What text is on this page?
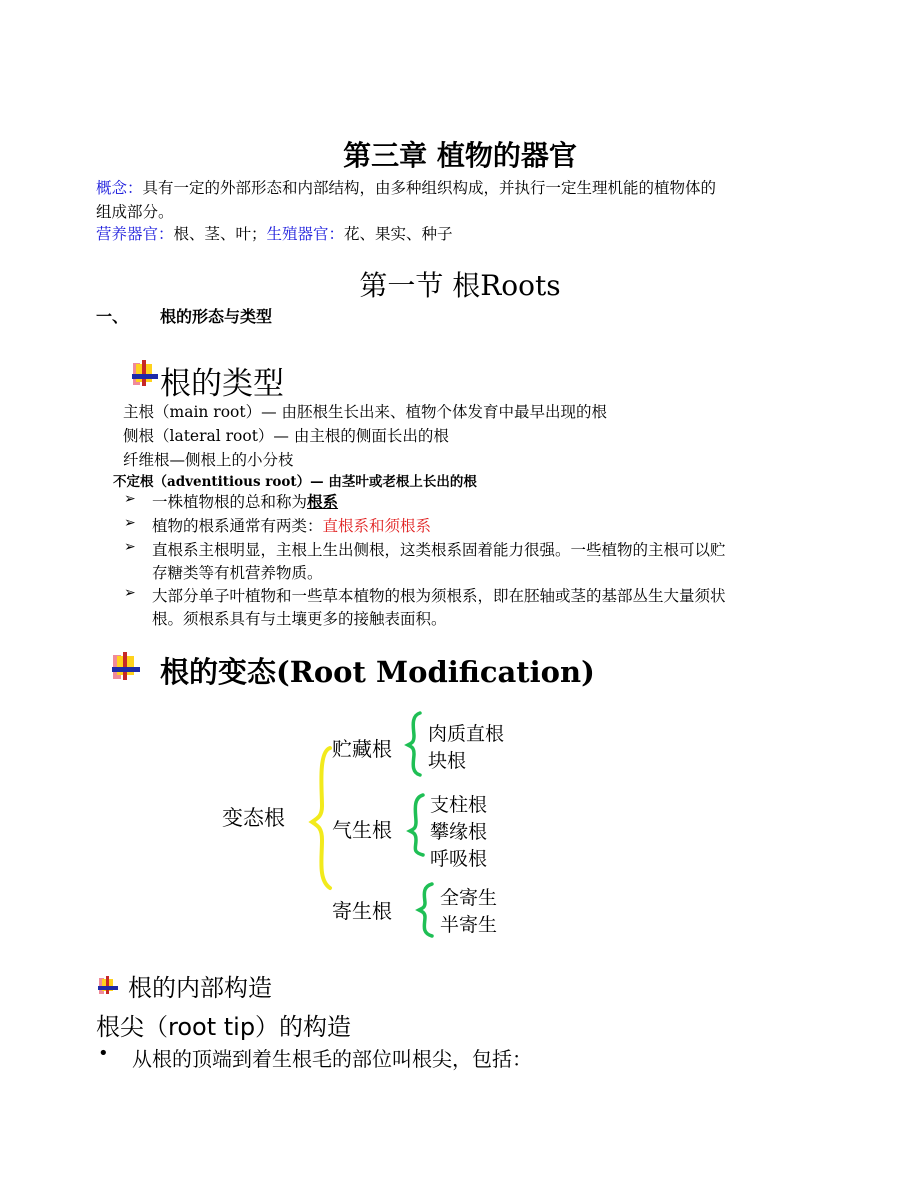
第三章 植物的器官
概念：具有一定的外部形态和内部结构，由多种组织构成，并执行一定生理机能的植物体的
组成部分。
营养器官：根、茎、叶；生殖器官：花、果实、种子
第一节 根Roots
一、 根的形态与类型
根的类型
主根（main root）— 由胚根生长出来、植物个体发育中最早出现的根
侧根（lateral root）— 由主根的侧面长出的根
纤维根—侧根上的小分枝
不定根（adventitious root）— 由茎叶或老根上长出的根
➢ 一株植物根的总和称为根系
➢ 植物的根系通常有两类：直根系和须根系
➢ 直根系主根明显，主根上生出侧根，这类根系固着能力很强。一些植物的主根可以贮
存糖类等有机营养物质。
➢ 大部分单子叶植物和一些草本植物的根为须根系，即在胚轴或茎的基部丛生大量须状
根。须根系具有与土壤更多的接触表面积。
根的变态(Root Modification)
变态根
贮藏根
肉质直根
块根
气生根
支柱根
攀缘根
呼吸根
寄生根
全寄生
半寄生
根的内部构造
根尖（root tip）的构造
• 从根的顶端到着生根毛的部位叫根尖，包括：
